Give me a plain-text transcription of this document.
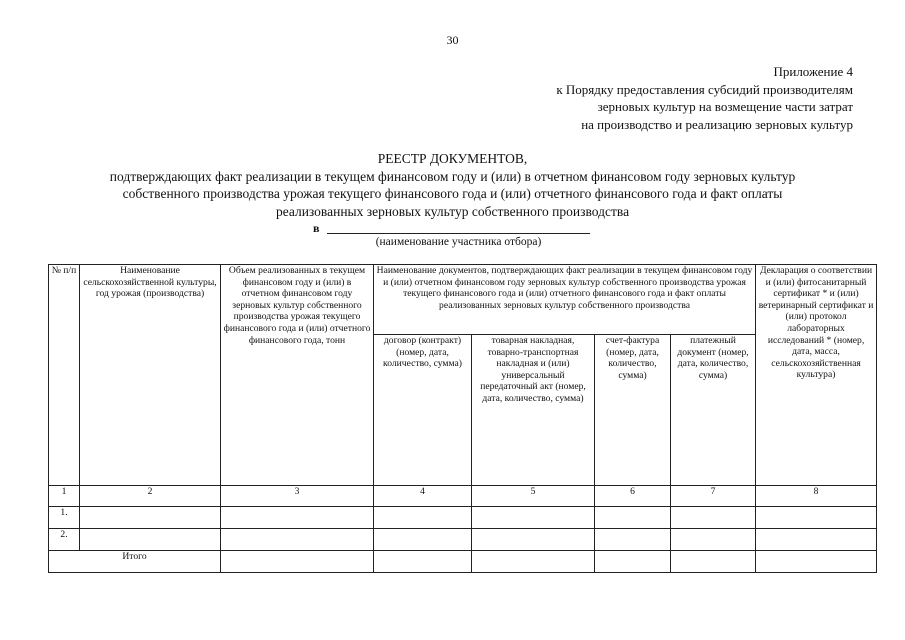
30
Приложение 4
к Порядку предоставления субсидий производителям
зерновых культур на возмещение части затрат
на производство и реализацию зерновых культур
РЕЕСТР ДОКУМЕНТОВ,
подтверждающих факт реализации в текущем финансовом году и (или) в отчетном финансовом году зерновых культур
собственного производства урожая текущего финансового года и (или) отчетного финансового года и факт оплаты
реализованных зерновых культур собственного производства
в
(наименование участника отбора)
№ п/п	Наименование сельскохозяйственной культуры, год урожая (производства)	Объем реализованных в текущем финансовом году и (или) в отчетном финансовом году зерновых культур собственного производства урожая текущего финансового года и (или) отчетного финансового года, тонн	Наименование документов, подтверждающих факт реализации в текущем финансовом году и (или) отчетном финансовом году зерновых культур собственного производства урожая текущего финансового года и (или) отчетного финансового года и факт оплаты реализованных зерновых культур собственного производства				Декларация о соответствии и (или) фитосанитарный сертификат * и (или) ветеринарный сертификат и (или) протокол лабораторных исследований * (номер, дата, масса, сельскохозяйственная культура)
			договор (контракт) (номер, дата, количество, сумма)	товарная накладная, товарно-транспортная накладная и (или) универсальный передаточный акт (номер, дата, количество, сумма)	счет-фактура (номер, дата, количество, сумма)	платежный документ (номер, дата, количество, сумма)	
1	2	3	4	5	6	7	8
1.							
2.							
Итого							
